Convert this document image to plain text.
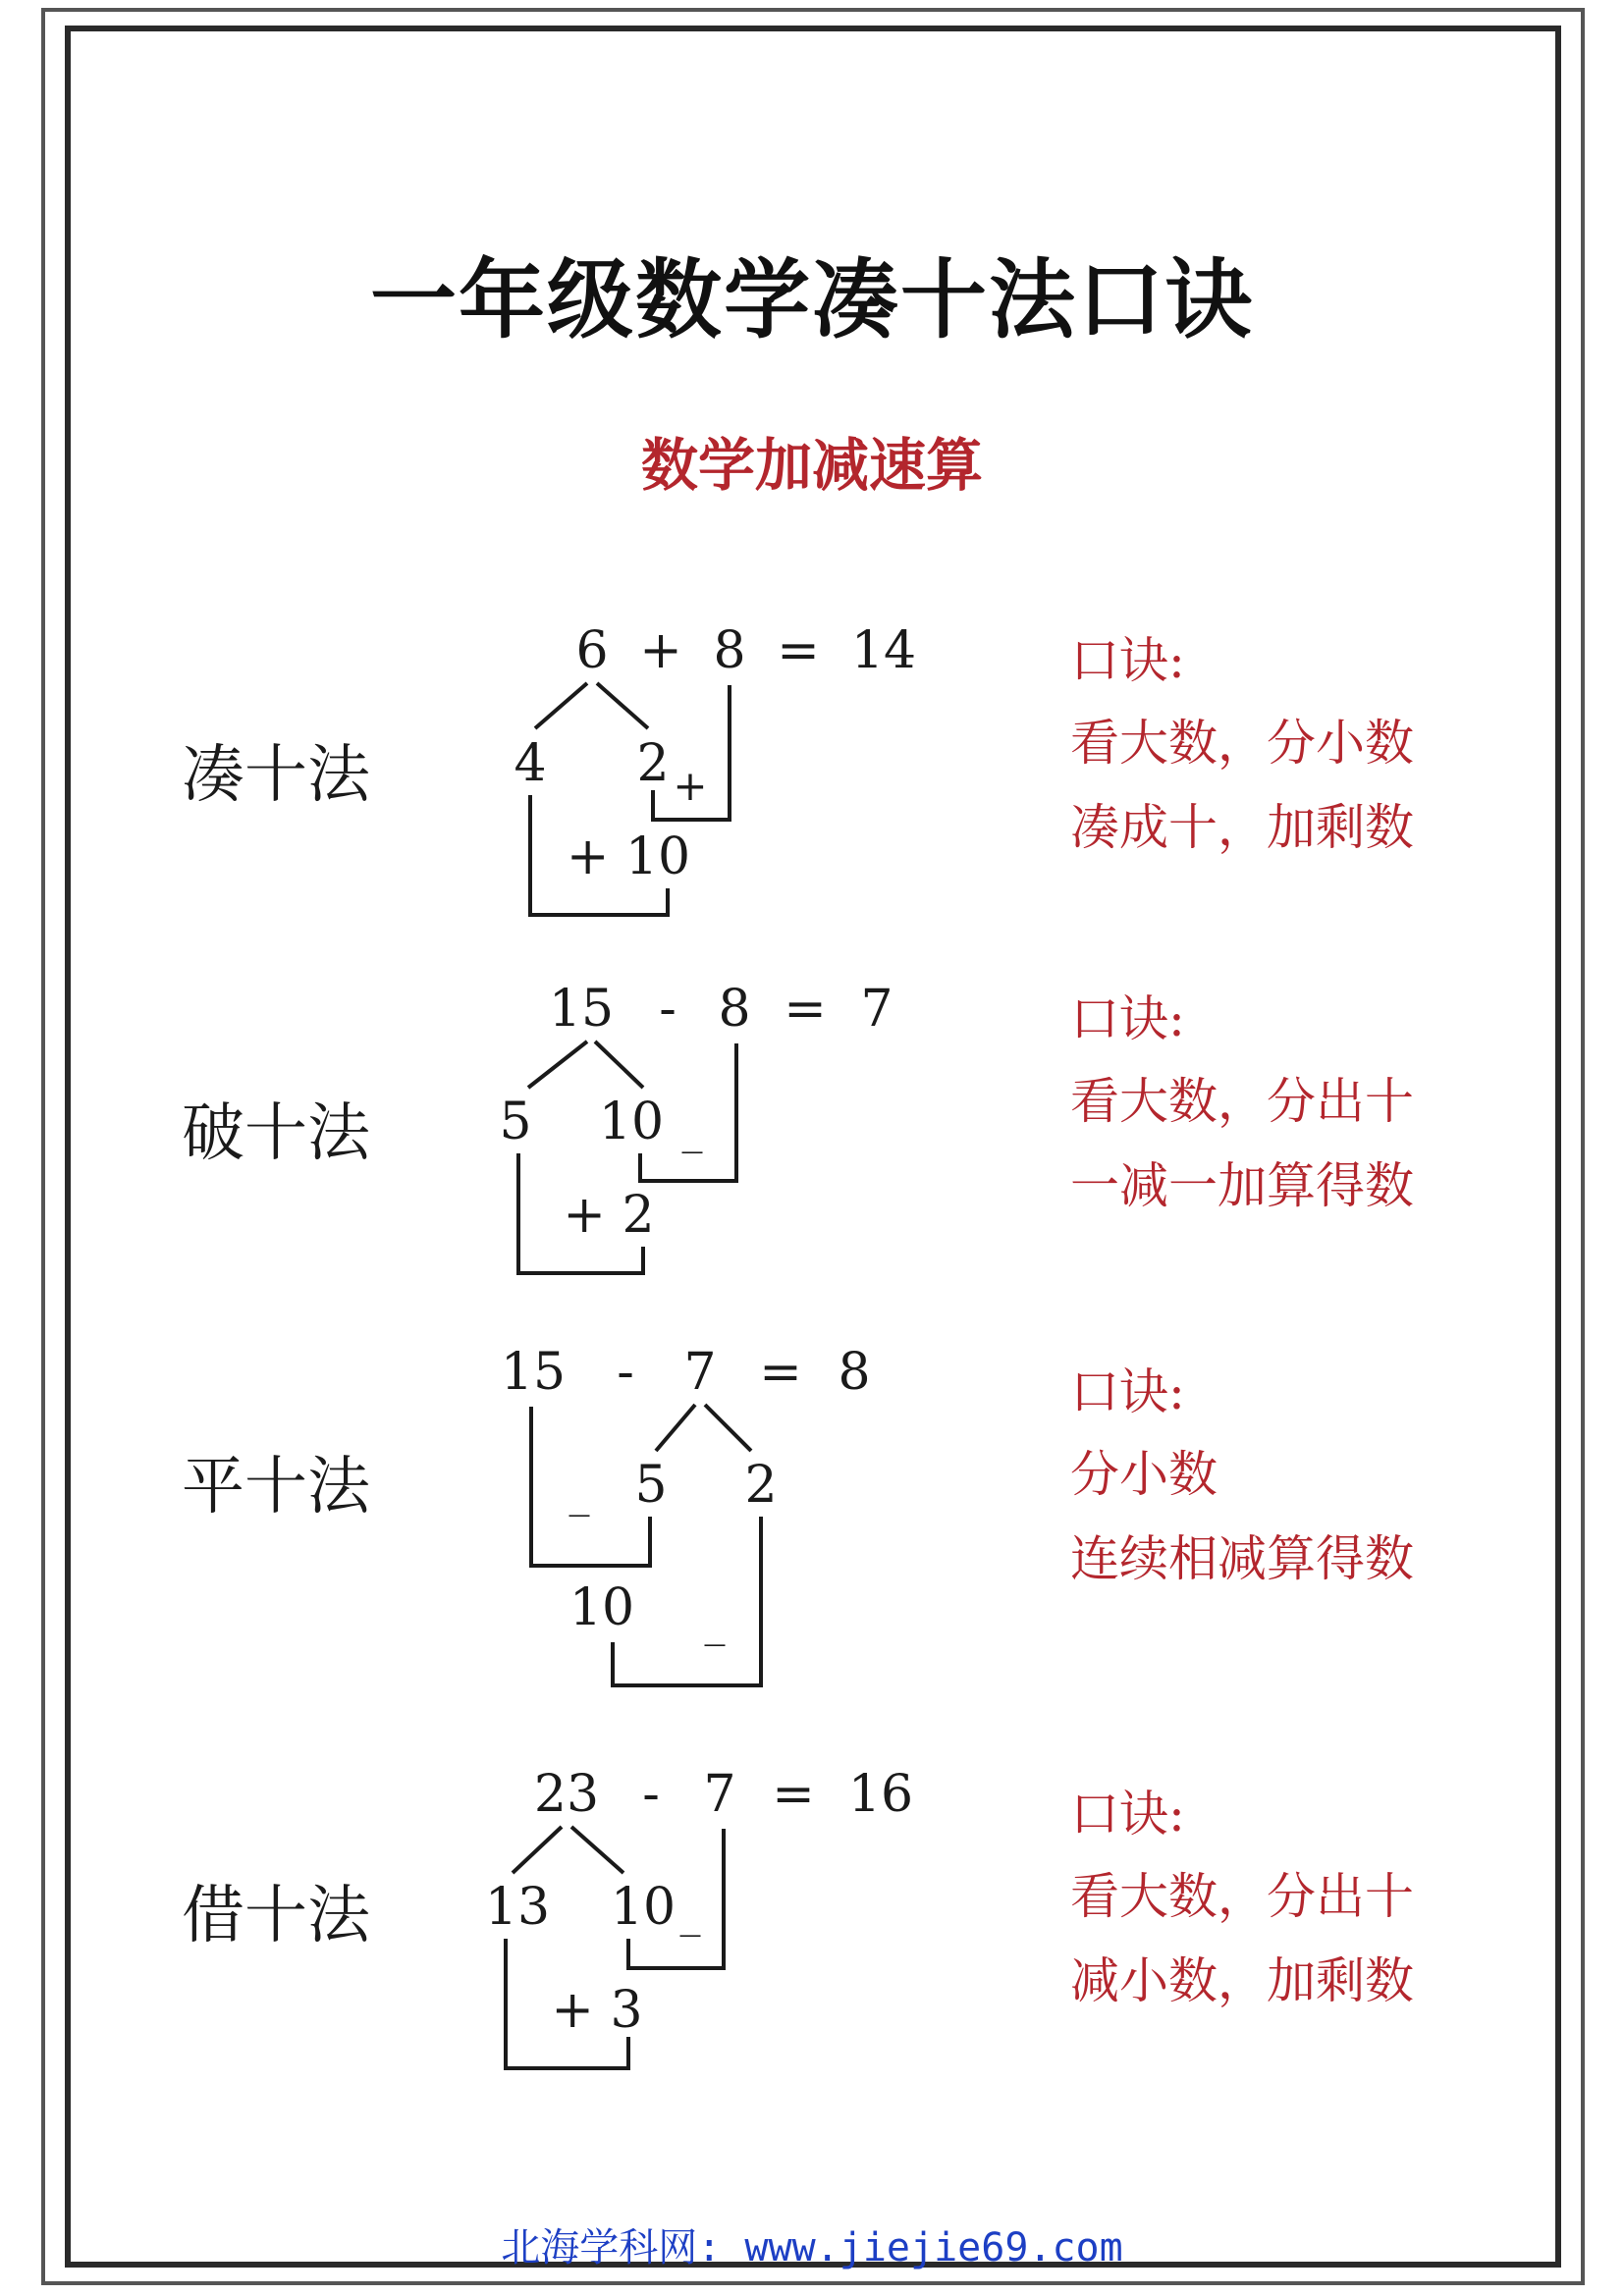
一年级数学凑十法口诀
数学加减速算
6 + 8 = 14
4 2 +
+ 10
凑十法
口诀:
看大数，分小数
凑成十，加剩数
15 - 8 = 7
5 10 _
+ 2
破十法
口诀:
看大数，分出十
一减一加算得数
15 - 7 = 8
5 2
_
10 _
平十法
口诀:
分小数
连续相减算得数
23 - 7 = 16
13 10 _
+ 3
借十法
口诀:
看大数，分出十
减小数，加剩数
北海学科网: www.jiejie69.com
